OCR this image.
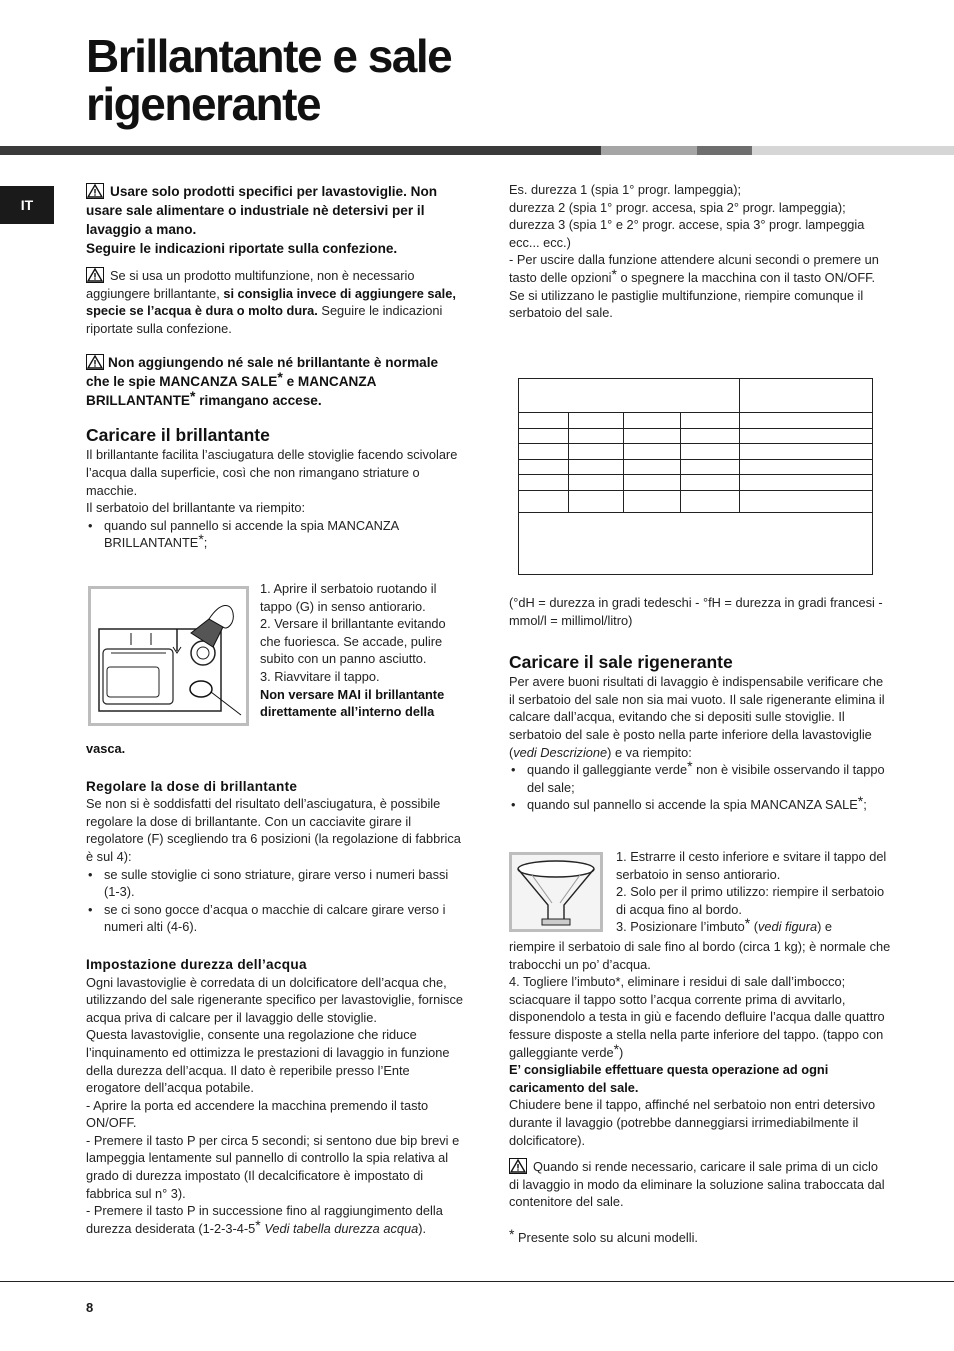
Brillantante e sale rigenerante
IT

Usare solo prodotti specifici per lavastoviglie. Non usare sale alimentare o industriale nè detersivi per il lavaggio a mano.

Seguire le indicazioni riportate sulla confezione.

Se si usa un prodotto multifunzione, non è necessario aggiungere brillantante, si consiglia invece di aggiungere sale, specie se l’acqua è dura o molto dura. Seguire le indicazioni riportate sulla confezione.

Non aggiungendo né sale né brillantante è normale che le spie MANCANZA SALE* e MANCANZA BRILLANTANTE* rimangano accese.

Caricare il brillantante

Il brillantante facilita l’asciugatura delle stoviglie facendo scivolare l’acqua dalla superficie, così che non rimangano striature o macchie.

Il serbatoio del brillantante va riempito:

• quando sul pannello si accende la spia MANCANZA BRILLANTANTE*;

1. Aprire il serbatoio ruotando il tappo (G) in senso antiorario.

2. Versare il brillantante evitando che fuoriesca. Se accade, pulire subito con un panno asciutto.

3. Riavvitare il tappo.

Non versare MAI il brillantante direttamente all’interno della

vasca.

Regolare la dose di brillantante

Se non si è soddisfatti del risultato dell’asciugatura, è possibile regolare la dose di brillantante. Con un cacciavite girare il regolatore (F) scegliendo tra 6 posizioni (la regolazione di fabbrica è sul 4):

• se sulle stoviglie ci sono striature, girare verso i numeri bassi (1-3).

• se ci sono gocce d’acqua o macchie di calcare girare verso i numeri alti (4-6).

Impostazione durezza dell’acqua

Ogni lavastoviglie è corredata di un dolcificatore dell’acqua che, utilizzando del sale rigenerante specifico per lavastoviglie, fornisce acqua priva di calcare per il lavaggio delle stoviglie.

Questa lavastoviglie, consente una regolazione che riduce l’inquinamento ed ottimizza le prestazioni di lavaggio in funzione della durezza dell’acqua. Il dato è reperibile presso l’Ente erogatore dell’acqua potabile.

- Aprire la porta ed accendere la macchina premendo il tasto ON/OFF.

- Premere il tasto P per circa 5 secondi; si sentono due bip brevi e lampeggia lentamente sul pannello di controllo la spia relativa al grado di durezza impostato (Il decalcificatore è impostato di fabbrica sul n° 3).

- Premere il tasto P in successione fino al raggiungimento della durezza desiderata (1-2-3-4-5* Vedi tabella durezza acqua).

Es. durezza 1 (spia 1° progr. lampeggia);

durezza 2 (spia 1° progr. accesa, spia 2° progr. lampeggia);

durezza 3 (spia 1° e 2° progr. accese, spia 3° progr. lampeggia ecc... ecc.)

- Per uscire dalla funzione attendere alcuni secondi o premere un tasto delle opzioni* o spegnere la macchina con il tasto ON/OFF.

Se si utilizzano le pastiglie multifunzione, riempire comunque il serbatoio del sale.

(°dH = durezza in gradi tedeschi - °fH = durezza in gradi francesi - mmol/l = millimol/litro)

Caricare il sale rigenerante

Per avere buoni risultati di lavaggio è indispensabile verificare che il serbatoio del sale non sia mai vuoto. Il sale rigenerante elimina il calcare dall’acqua, evitando che si depositi sulle stoviglie. Il serbatoio del sale è posto nella parte inferiore della lavastoviglie (vedi Descrizione) e va riempito:

• quando il galleggiante verde* non è visibile osservando il tappo del sale;

• quando sul pannello si accende la spia MANCANZA SALE*;

1. Estrarre il cesto inferiore e svitare il tappo del serbatoio in senso antiorario.

2. Solo per il primo utilizzo: riempire il serbatoio di acqua fino al bordo.

3. Posizionare l’imbuto* (vedi figura) e

riempire il serbatoio di sale fino al bordo (circa 1 kg); è normale che trabocchi un po’ d’acqua.

4. Togliere l’imbuto*, eliminare i residui di sale dall’imbocco; sciacquare il tappo sotto l’acqua corrente prima di avvitarlo, disponendolo a testa in giù e facendo defluire l’acqua dalle quattro fessure disposte a stella nella parte inferiore del tappo. (tappo con galleggiante verde*)

E’ consigliabile effettuare questa operazione ad ogni caricamento del sale.

Chiudere bene il tappo, affinché nel serbatoio non entri detersivo durante il lavaggio (potrebbe danneggiarsi irrimediabilmente il dolcificatore).

Quando si rende necessario, caricare il sale prima di un ciclo di lavaggio in modo da eliminare la soluzione salina traboccata dal contenitore del sale.

* Presente solo su alcuni modelli.

8
